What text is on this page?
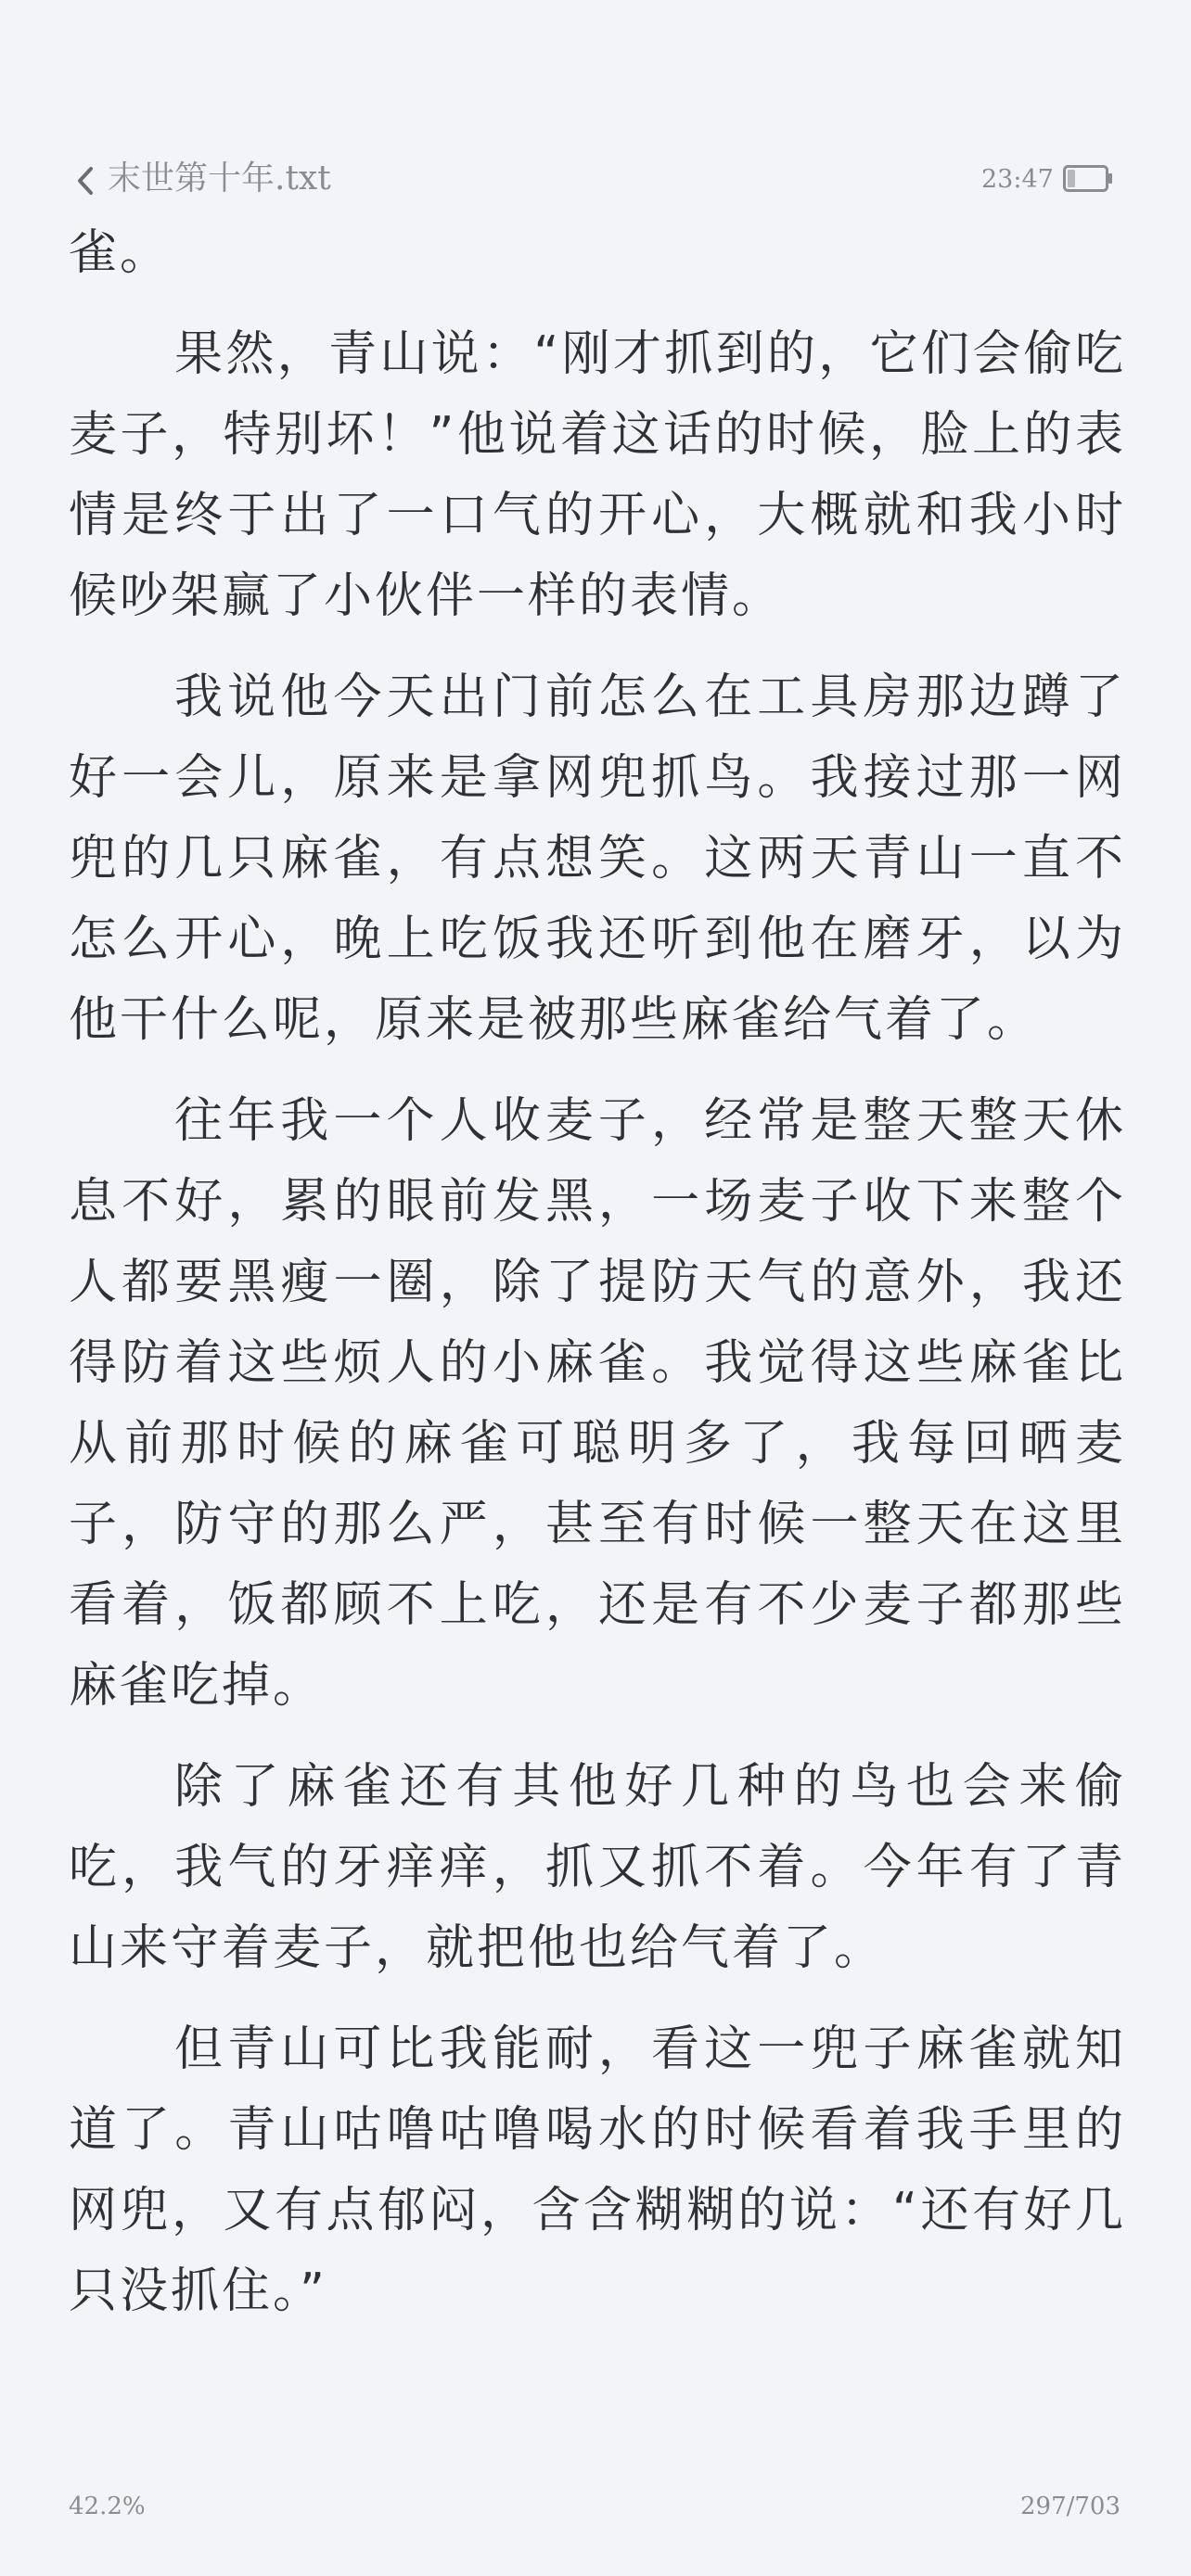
末世第十年.txt	23:47

雀。

果然，青山说：“刚才抓到的，它们会偷吃麦子，特别坏！”他说着这话的时候，脸上的表情是终于出了一口气的开心，大概就和我小时候吵架赢了小伙伴一样的表情。

我说他今天出门前怎么在工具房那边蹲了好一会儿，原来是拿网兜抓鸟。我接过那一网兜的几只麻雀，有点想笑。这两天青山一直不怎么开心，晚上吃饭我还听到他在磨牙，以为他干什么呢，原来是被那些麻雀给气着了。

往年我一个人收麦子，经常是整天整天休息不好，累的眼前发黑，一场麦子收下来整个人都要黑瘦一圈，除了提防天气的意外，我还得防着这些烦人的小麻雀。我觉得这些麻雀比从前那时候的麻雀可聪明多了，我每回晒麦子，防守的那么严，甚至有时候一整天在这里看着，饭都顾不上吃，还是有不少麦子都那些麻雀吃掉。

除了麻雀还有其他好几种的鸟也会来偷吃，我气的牙痒痒，抓又抓不着。今年有了青山来守着麦子，就把他也给气着了。

但青山可比我能耐，看这一兜子麻雀就知道了。青山咕噜咕噜喝水的时候看着我手里的网兜，又有点郁闷，含含糊糊的说：“还有好几只没抓住。”

42.2%	297/703
